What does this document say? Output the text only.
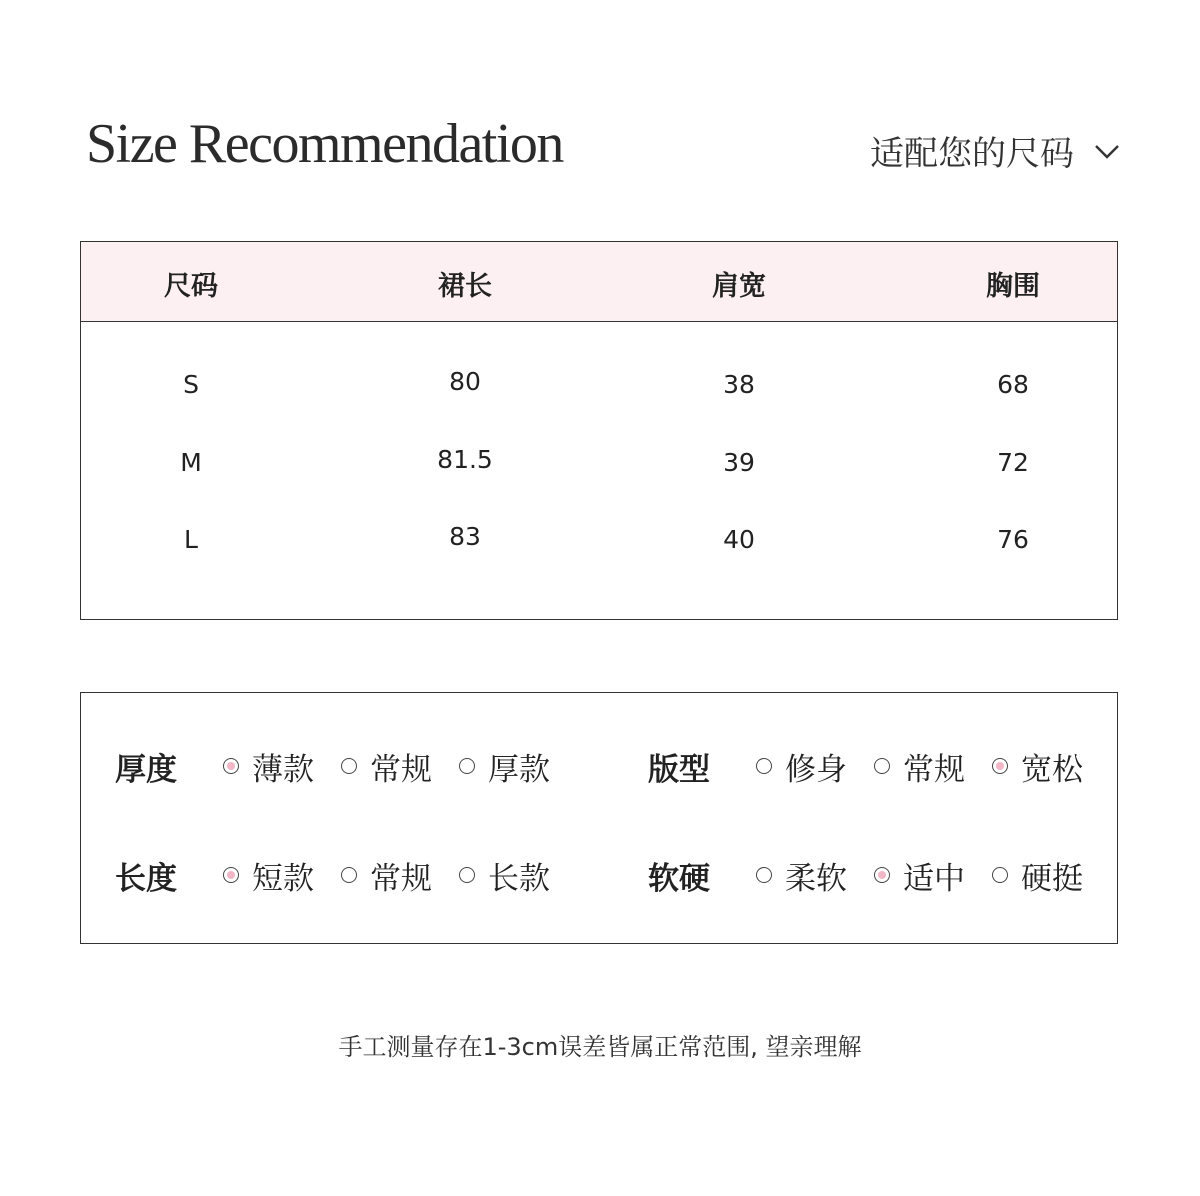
Size Recommendation	适配您的尺码
尺码	裙长	肩宽	胸围
S	80	38	68
M	81.5	39	72
L	83	40	76
厚度 薄款 常规 厚款	版型 修身 常规 宽松
长度 短款 常规 长款	软硬 柔软 适中 硬挺
手工测量存在1-3cm误差皆属正常范围, 望亲理解
